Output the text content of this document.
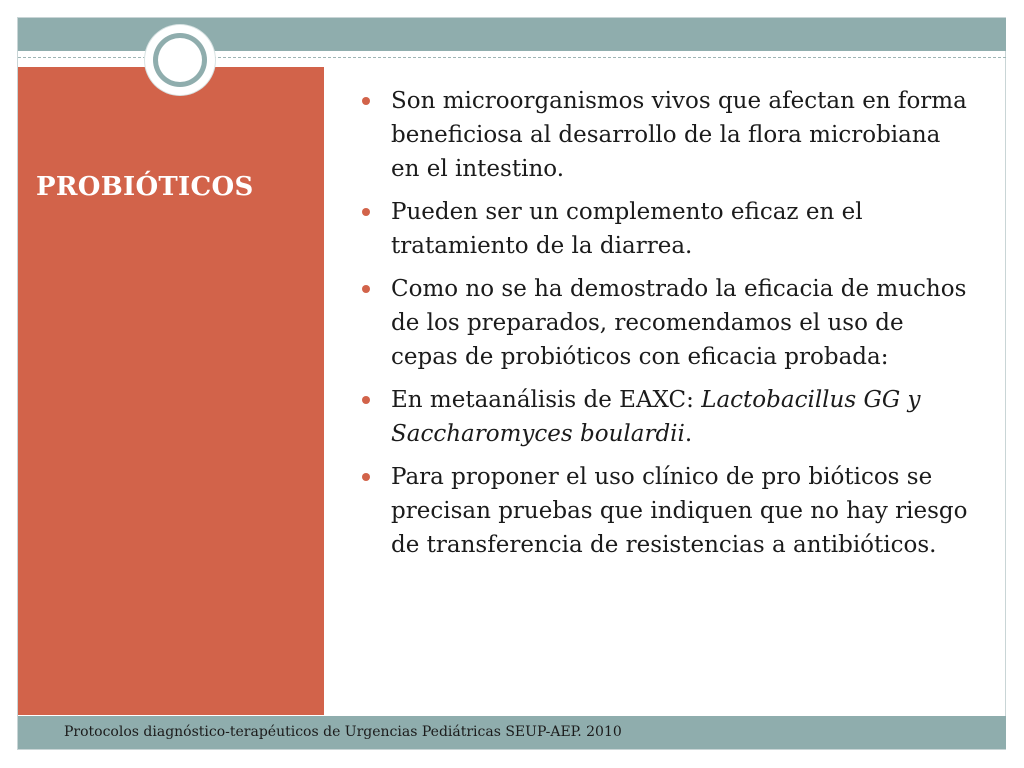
PROBIÓTICOS
Son microorganismos vivos que afectan en forma beneficiosa al desarrollo de la flora microbiana en el intestino.
Pueden ser un complemento eficaz en el tratamiento de la diarrea.
Como no se ha demostrado la eficacia de muchos de los preparados, recomendamos el uso de cepas de probióticos con eficacia probada:
En metaanálisis de EAXC: Lactobacillus GG y Saccharomyces boulardii.
Para proponer el uso clínico de pro bióticos se precisan pruebas que indiquen que no hay riesgo de transferencia de resistencias a antibióticos.
Protocolos diagnóstico-terapéuticos de Urgencias Pediátricas SEUP-AEP. 2010
